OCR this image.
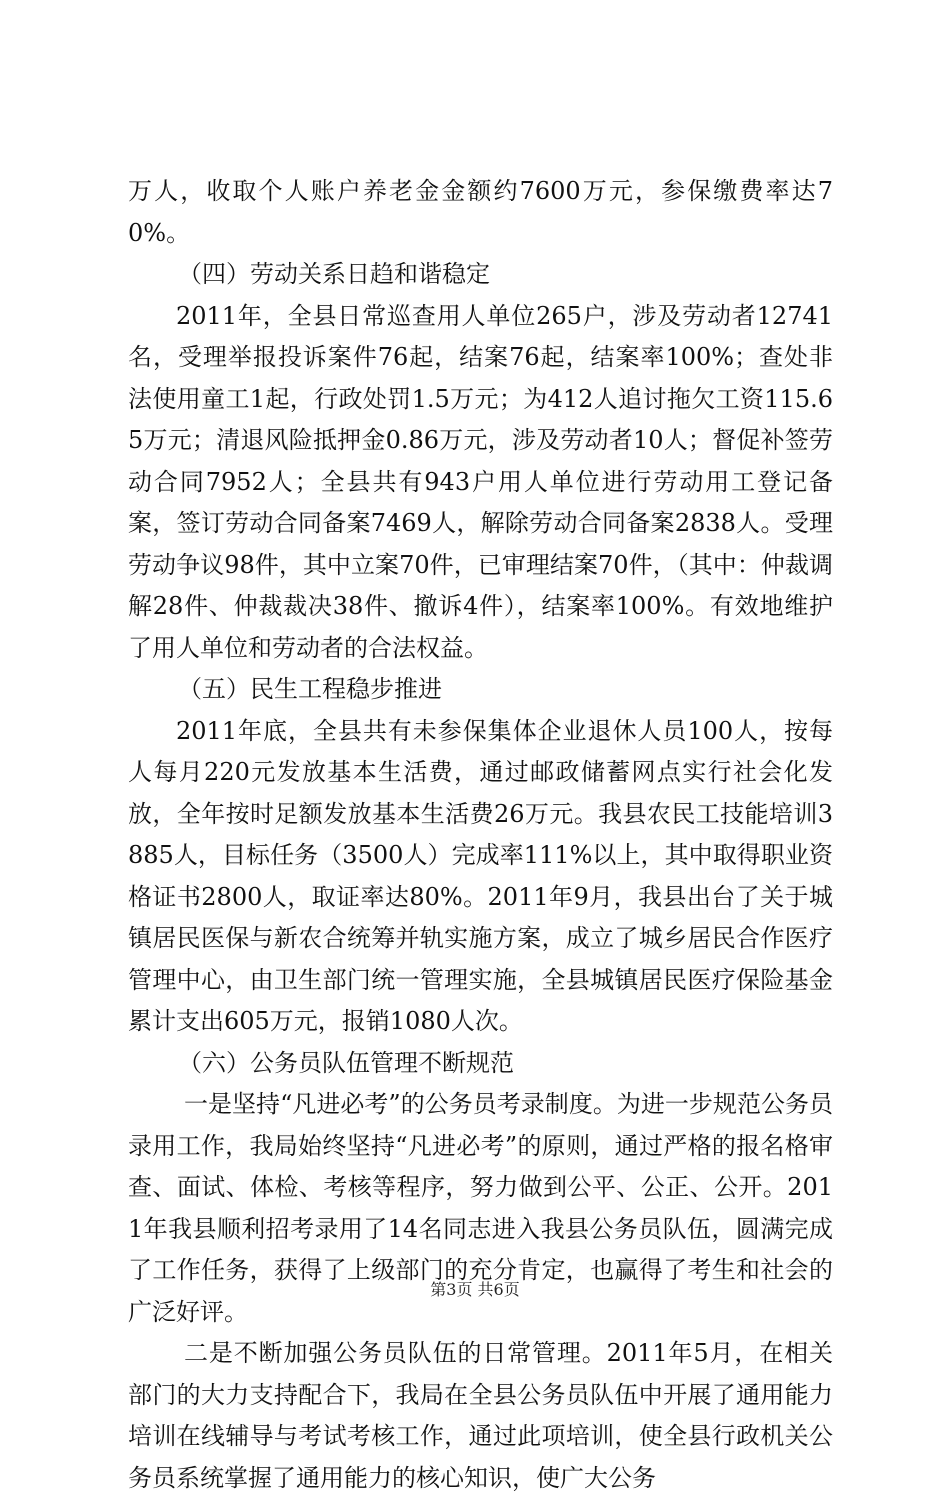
万人，收取个人账户养老金金额约7600万元，参保缴费率达70%。

（四）劳动关系日趋和谐稳定

2011年，全县日常巡查用人单位265户，涉及劳动者12741名，受理举报投诉案件76起，结案76起，结案率100%；查处非法使用童工1起，行政处罚1.5万元；为412人追讨拖欠工资115.65万元；清退风险抵押金0.86万元，涉及劳动者10人；督促补签劳动合同7952人；全县共有943户用人单位进行劳动用工登记备案，签订劳动合同备案7469人，解除劳动合同备案2838人。受理劳动争议98件，其中立案70件，已审理结案70件，（其中：仲裁调解28件、仲裁裁决38件、撤诉4件），结案率100%。有效地维护了用人单位和劳动者的合法权益。

（五）民生工程稳步推进

2011年底，全县共有未参保集体企业退休人员100人，按每人每月220元发放基本生活费，通过邮政储蓄网点实行社会化发放，全年按时足额发放基本生活费26万元。我县农民工技能培训3885人，目标任务（3500人）完成率111%以上，其中取得职业资格证书2800人，取证率达80%。2011年9月，我县出台了关于城镇居民医保与新农合统筹并轨实施方案，成立了城乡居民合作医疗管理中心，由卫生部门统一管理实施，全县城镇居民医疗保险基金累计支出605万元，报销1080人次。

（六）公务员队伍管理不断规范

一是坚持“凡进必考”的公务员考录制度。为进一步规范公务员录用工作，我局始终坚持“凡进必考”的原则，通过严格的报名格审查、面试、体检、考核等程序，努力做到公平、公正、公开。2011年我县顺利招考录用了14名同志进入我县公务员队伍，圆满完成了工作任务，获得了上级部门的充分肯定，也赢得了考生和社会的广泛好评。

二是不断加强公务员队伍的日常管理。2011年5月，在相关部门的大力支持配合下，我局在全县公务员队伍中开展了通用能力培训在线辅导与考试考核工作，通过此项培训，使全县行政机关公务员系统掌握了通用能力的核心知识，使广大公务

第3页 共6页
